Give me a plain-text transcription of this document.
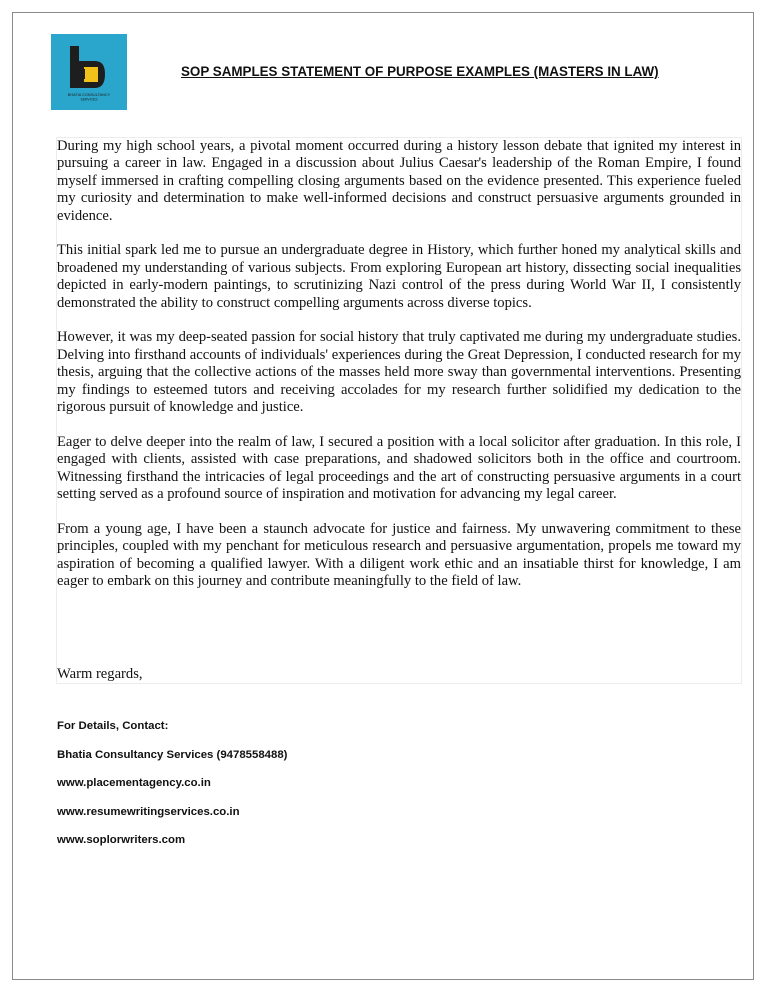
BHATIA CONSULTANCY
SERVICES
SOP SAMPLES STATEMENT OF PURPOSE EXAMPLES (MASTERS IN LAW)

During my high school years, a pivotal moment occurred during a history lesson debate that ignited my interest in pursuing a career in law. Engaged in a discussion about Julius Caesar's leadership of the Roman Empire, I found myself immersed in crafting compelling closing arguments based on the evidence presented. This experience fueled my curiosity and determination to make well-informed decisions and construct persuasive arguments grounded in evidence.

This initial spark led me to pursue an undergraduate degree in History, which further honed my analytical skills and broadened my understanding of various subjects. From exploring European art history, dissecting social inequalities depicted in early-modern paintings, to scrutinizing Nazi control of the press during World War II, I consistently demonstrated the ability to construct compelling arguments across diverse topics.

However, it was my deep-seated passion for social history that truly captivated me during my undergraduate studies. Delving into firsthand accounts of individuals' experiences during the Great Depression, I conducted research for my thesis, arguing that the collective actions of the masses held more sway than governmental interventions. Presenting my findings to esteemed tutors and receiving accolades for my research further solidified my dedication to the rigorous pursuit of knowledge and justice.

Eager to delve deeper into the realm of law, I secured a position with a local solicitor after graduation. In this role, I engaged with clients, assisted with case preparations, and shadowed solicitors both in the office and courtroom. Witnessing firsthand the intricacies of legal proceedings and the art of constructing persuasive arguments in a court setting served as a profound source of inspiration and motivation for advancing my legal career.

From a young age, I have been a staunch advocate for justice and fairness. My unwavering commitment to these principles, coupled with my penchant for meticulous research and persuasive argumentation, propels me toward my aspiration of becoming a qualified lawyer. With a diligent work ethic and an insatiable thirst for knowledge, I am eager to embark on this journey and contribute meaningfully to the field of law.

Warm regards,
For Details, Contact:
Bhatia Consultancy Services (9478558488)
www.placementagency.co.in
www.resumewritingservices.co.in
www.soplorwriters.com
